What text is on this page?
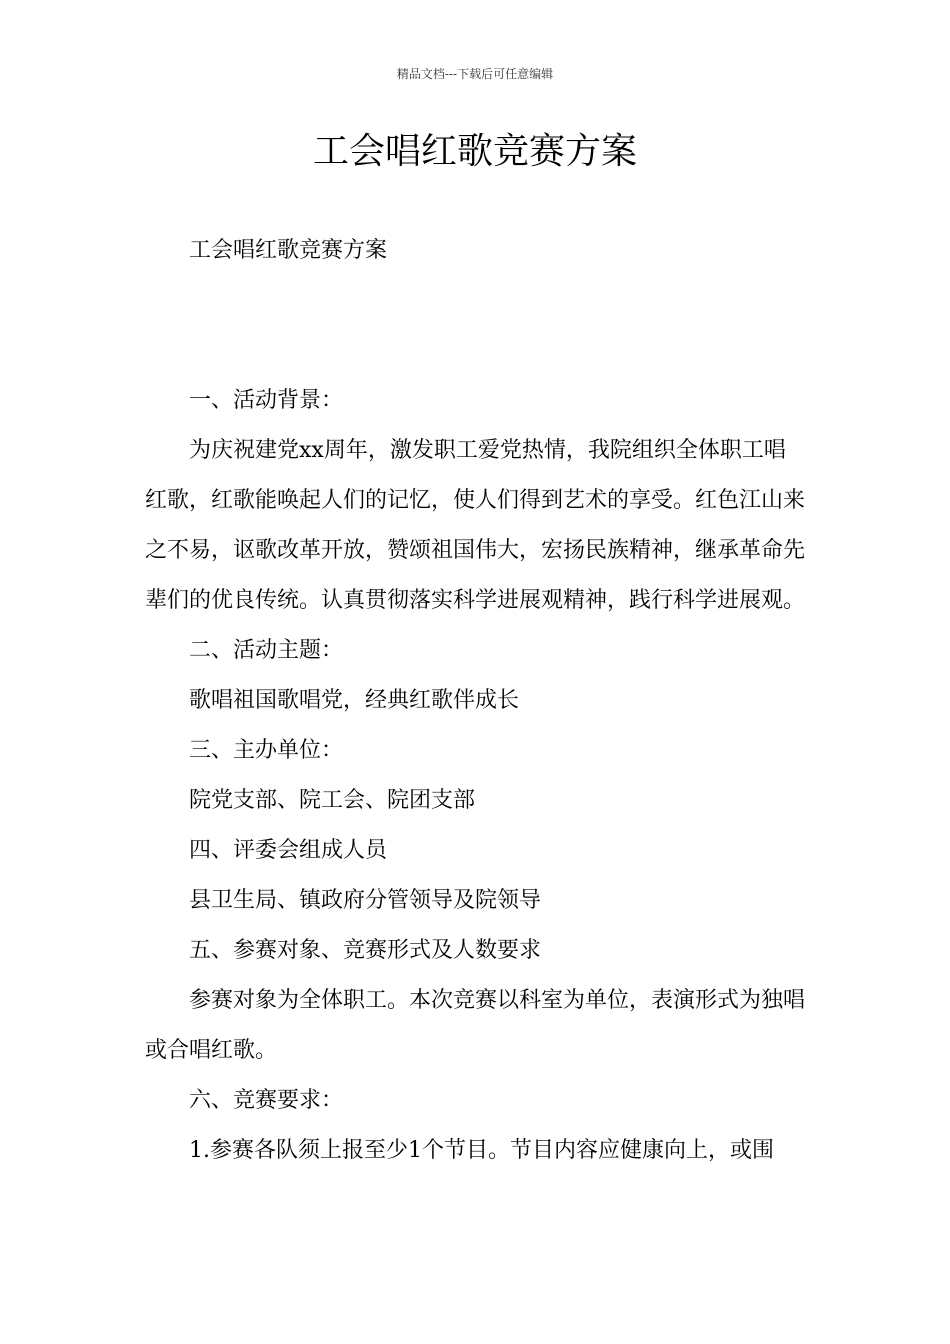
精品文档---下载后可任意编辑
工会唱红歌竞赛方案

工会唱红歌竞赛方案

一、活动背景：

为庆祝建党xx周年，激发职工爱党热情，我院组织全体职工唱红歌，红歌能唤起人们的记忆，使人们得到艺术的享受。红色江山来之不易，讴歌改革开放，赞颂祖国伟大，宏扬民族精神，继承革命先辈们的优良传统。认真贯彻落实科学进展观精神，践行科学进展观。

二、活动主题：

歌唱祖国歌唱党，经典红歌伴成长

三、主办单位：

院党支部、院工会、院团支部

四、评委会组成人员

县卫生局、镇政府分管领导及院领导

五、参赛对象、竞赛形式及人数要求

参赛对象为全体职工。本次竞赛以科室为单位，表演形式为独唱或合唱红歌。

六、竞赛要求：

1.参赛各队须上报至少1个节目。节目内容应健康向上，或围
